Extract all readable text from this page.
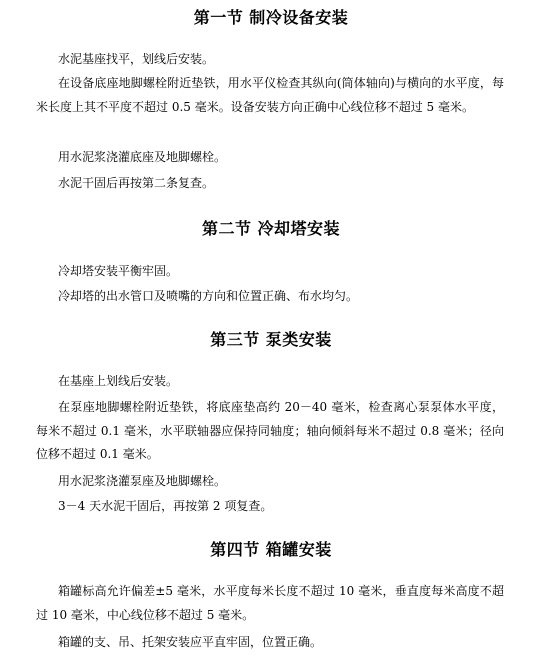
第一节 制冷设备安装

水泥基座找平，划线后安装。

在设备底座地脚螺栓附近垫铁，用水平仪检查其纵向(筒体轴向)与横向的水平度，每米长度上其不平度不超过 0.5 毫米。设备安装方向正确中心线位移不超过 5 毫米。

用水泥浆浇灌底座及地脚螺栓。

水泥干固后再按第二条复查。

第二节 冷却塔安装

冷却塔安装平衡牢固。

冷却塔的出水管口及喷嘴的方向和位置正确、布水均匀。

第三节 泵类安装

在基座上划线后安装。

在泵座地脚螺栓附近垫铁，将底座垫高约 20－40 毫米，检查离心泵泵体水平度，每米不超过 0.1 毫米，水平联轴器应保持同轴度；轴向倾斜每米不超过 0.8 毫米；径向位移不超过 0.1 毫米。

用水泥浆浇灌泵座及地脚螺栓。

3－4 天水泥干固后，再按第 2 项复查。

第四节 箱罐安装

箱罐标高允许偏差±5 毫米，水平度每米长度不超过 10 毫米，垂直度每米高度不超过 10 毫米，中心线位移不超过 5 毫米。

箱罐的支、吊、托架安装应平直牢固，位置正确。
